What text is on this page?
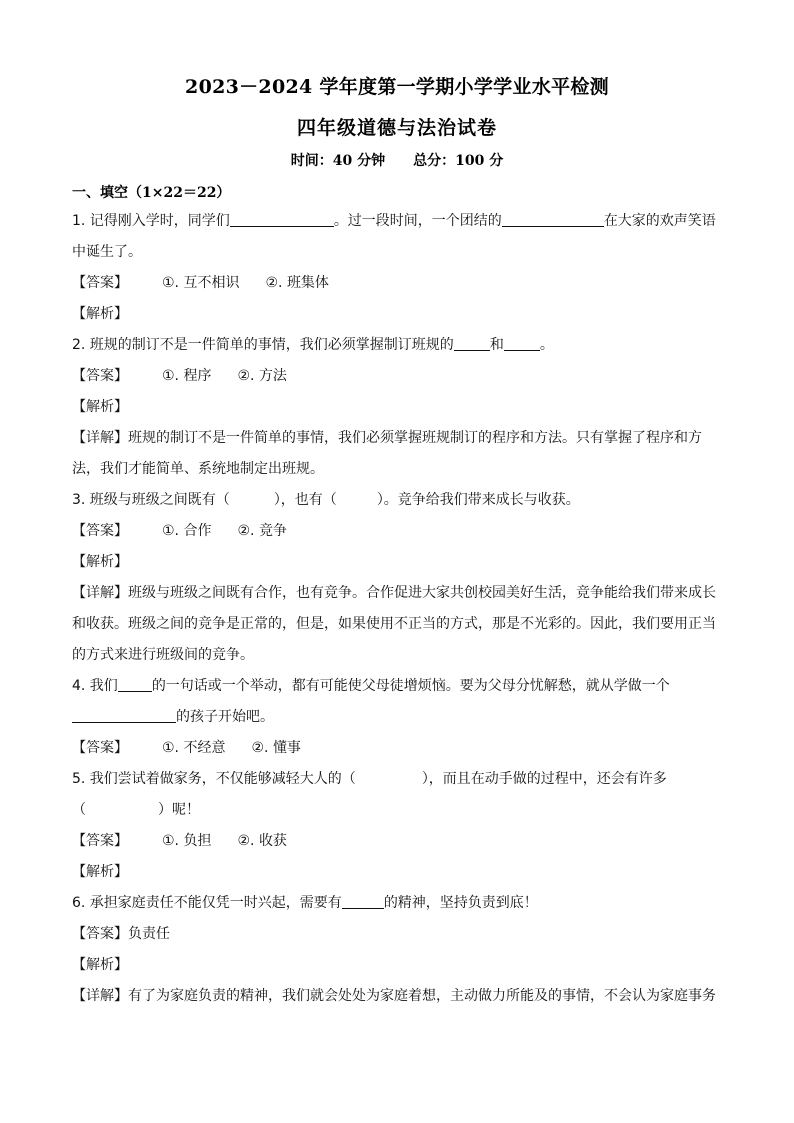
2023－2024 学年度第一学期小学学业水平检测
四年级道德与法治试卷
时间：40 分钟 总分：100 分
一、填空（1×22＝22）
1. 记得刚入学时，同学们	。过一段时间，一个团结的	在大家的欢声笑语
中诞生了。
【答案】 ①. 互不相识 ②. 班集体
【解析】
2. 班规的制订不是一件简单的事情，我们必须掌握制订班规的	和	。
【答案】 ①. 程序 ②. 方法
【解析】
【详解】班规的制订不是一件简单的事情，我们必须掌握班规制订的程序和方法。只有掌握了程序和方
法，我们才能简单、系统地制定出班规。
3. 班级与班级之间既有（	），也有（	）。竞争给我们带来成长与收获。
【答案】 ①. 合作 ②. 竞争
【解析】
【详解】班级与班级之间既有合作，也有竞争。合作促进大家共创校园美好生活，竞争能给我们带来成长
和收获。班级之间的竞争是正常的，但是，如果使用不正当的方式，那是不光彩的。因此，我们要用正当
的方式来进行班级间的竞争。
4. 我们 的一句话或一个举动，都有可能使父母徒增烦恼。要为父母分忧解愁，就从学做一个
的孩子开始吧。
【答案】 ①. 不经意 ②. 懂事
5. 我们尝试着做家务，不仅能够减轻大人的（	），而且在动手做的过程中，还会有许多
（	）呢！
【答案】 ①. 负担 ②. 收获
【解析】
6. 承担家庭责任不能仅凭一时兴起，需要有	的精神，坚持负责到底！
【答案】负责任
【解析】
【详解】有了为家庭负责的精神，我们就会处处为家庭着想，主动做力所能及的事情，不会认为家庭事务
